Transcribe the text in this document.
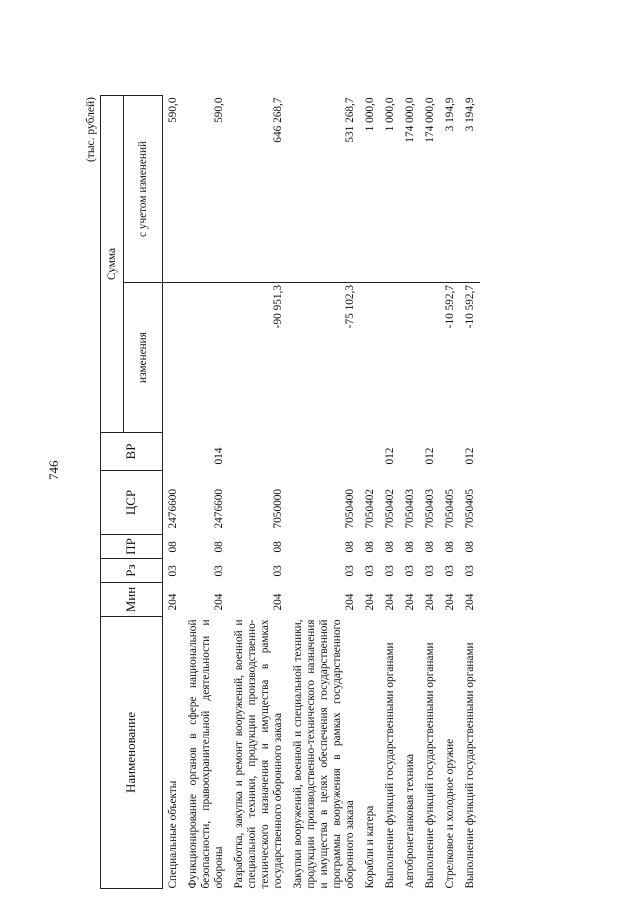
746
(тыс. рублей)
Наименование	Мин	Рз	ПР	ЦСР	ВР	Сумма	
						изменения	с учетом изменений
Специальные объекты	204	03	08	2476600			590,0
Функционирование органов в сфере национальной безопасности, правоохранительной деятельности и обороны	204	03	08	2476600	014		590,0
Разработка, закупка и ремонт вооружений, военной и специальной техники, продукции производственно-технического назначения и имущества в рамках государственного оборонного заказа	204	03	08	7050000		-90 951,3	646 268,7
Закупки вооружений, военной и специальной техники, продукции производственно-технического назначения и имущества в целях обеспечения государственной программы вооружения в рамках государственного оборонного заказа	204	03	08	7050400		-75 102,3	531 268,7
Корабли и катера	204	03	08	7050402			1 000,0
Выполнение функций государственными органами	204	03	08	7050402	012		1 000,0
Автобронетанковая техника	204	03	08	7050403			174 000,0
Выполнение функций государственными органами	204	03	08	7050403	012		174 000,0
Стрелковое и холодное оружие	204	03	08	7050405		-10 592,7	3 194,9
Выполнение функций государственными органами	204	03	08	7050405	012	-10 592,7	3 194,9
